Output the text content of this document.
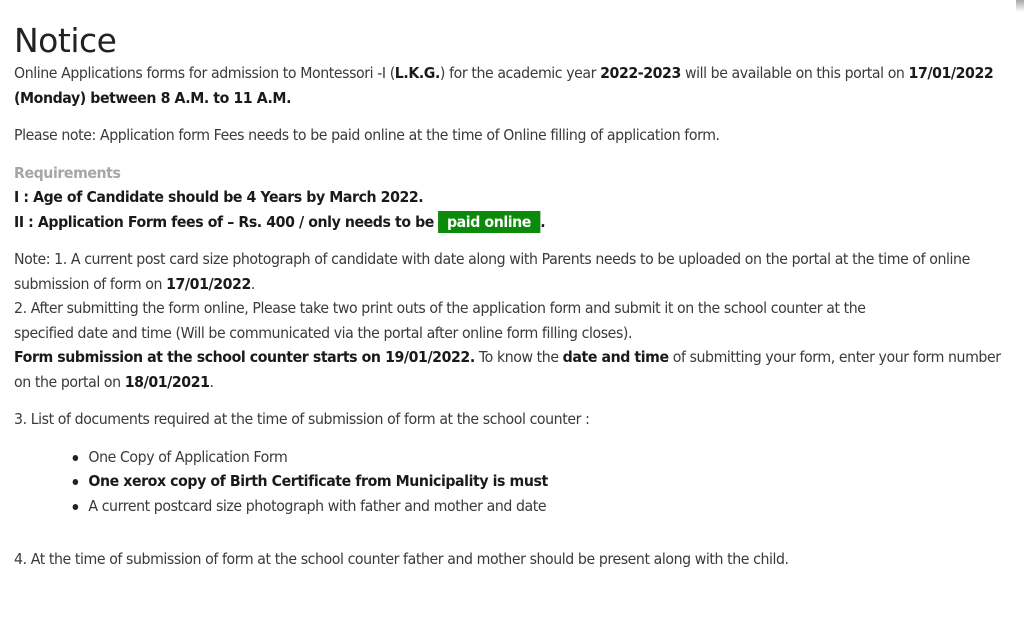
Notice

Online Applications forms for admission to Montessori -I (L.K.G.) for the academic year 2022-2023 will be available on this portal on 17/01/2022 (Monday) between 8 A.M. to 11 A.M.

Please note: Application form Fees needs to be paid online at the time of Online filling of application form.

Requirements

I : Age of Candidate should be 4 Years by March 2022.

II : Application Form fees of – Rs. 400 / only needs to be paid online .

Note: 1. A current post card size photograph of candidate with date along with Parents needs to be uploaded on the portal at the time of online submission of form on 17/01/2022.

2. After submitting the form online, Please take two print outs of the application form and submit it on the school counter at the
specified date and time (Will be communicated via the portal after online form filling closes).

Form submission at the school counter starts on 19/01/2022. To know the date and time of submitting your form, enter your form number on the portal on 18/01/2021.

3. List of documents required at the time of submission of form at the school counter :

One Copy of Application Form
One xerox copy of Birth Certificate from Municipality is must
A current postcard size photograph with father and mother and date

4. At the time of submission of form at the school counter father and mother should be present along with the child.
